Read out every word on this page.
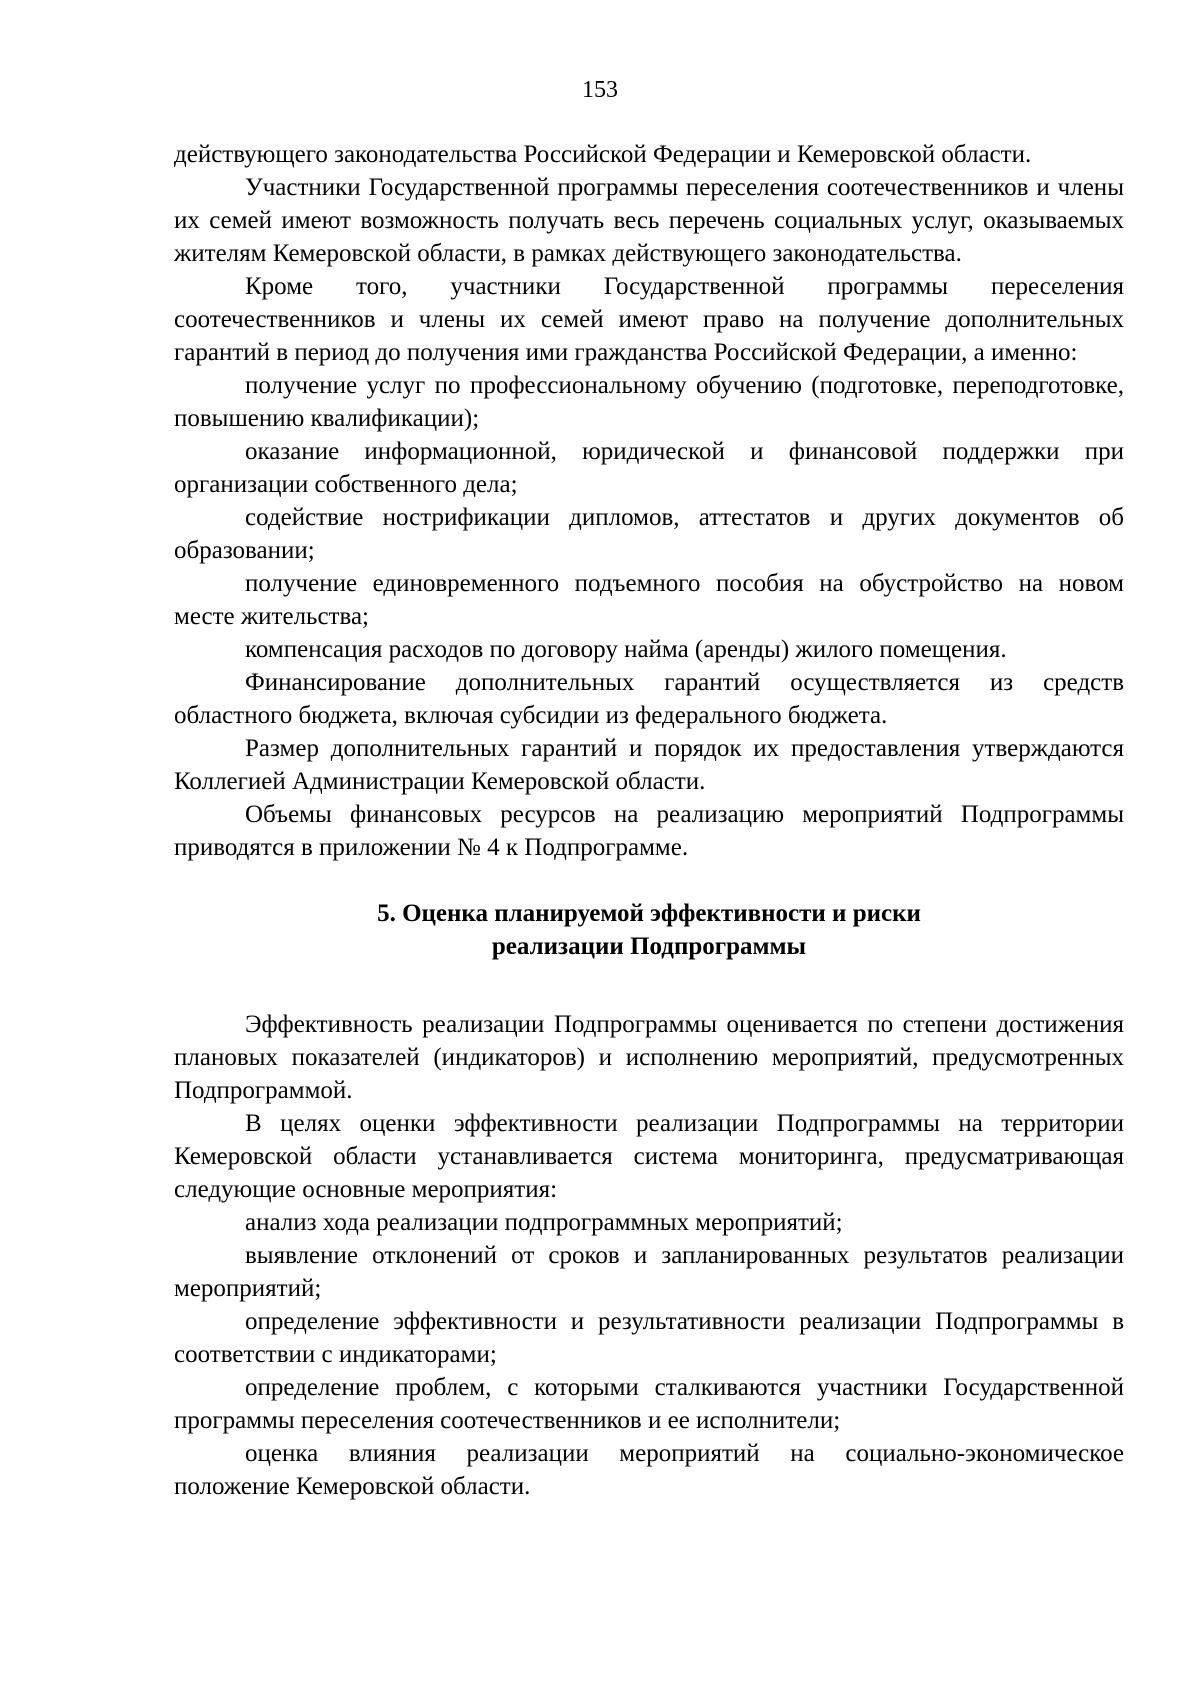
153

действующего законодательства Российской Федерации и Кемеровской области.

Участники Государственной программы переселения соотечественников и члены их семей имеют возможность получать весь перечень социальных услуг, оказываемых жителям Кемеровской области, в рамках действующего законодательства.

Кроме того, участники Государственной программы переселения соотечественников и члены их семей имеют право на получение дополнительных гарантий в период до получения ими гражданства Российской Федерации, а именно:

получение услуг по профессиональному обучению (подготовке, переподготовке, повышению квалификации);

оказание информационной, юридической и финансовой поддержки при организации собственного дела;

содействие нострификации дипломов, аттестатов и других документов об образовании;

получение единовременного подъемного пособия на обустройство на новом месте жительства;

компенсация расходов по договору найма (аренды) жилого помещения.

Финансирование дополнительных гарантий осуществляется из средств областного бюджета, включая субсидии из федерального бюджета.

Размер дополнительных гарантий и порядок их предоставления утверждаются Коллегией Администрации Кемеровской области.

Объемы финансовых ресурсов на реализацию мероприятий Подпрограммы приводятся в приложении № 4 к Подпрограмме.

5. Оценка планируемой эффективности и риски
реализации Подпрограммы

Эффективность реализации Подпрограммы оценивается по степени достижения плановых показателей (индикаторов) и исполнению мероприятий, предусмотренных Подпрограммой.

В целях оценки эффективности реализации Подпрограммы на территории Кемеровской области устанавливается система мониторинга, предусматривающая следующие основные мероприятия:

анализ хода реализации подпрограммных мероприятий;

выявление отклонений от сроков и запланированных результатов реализации мероприятий;

определение эффективности и результативности реализации Подпрограммы в соответствии с индикаторами;

определение проблем, с которыми сталкиваются участники Государственной программы переселения соотечественников и ее исполнители;

оценка влияния реализации мероприятий на социально-экономическое положение Кемеровской области.
